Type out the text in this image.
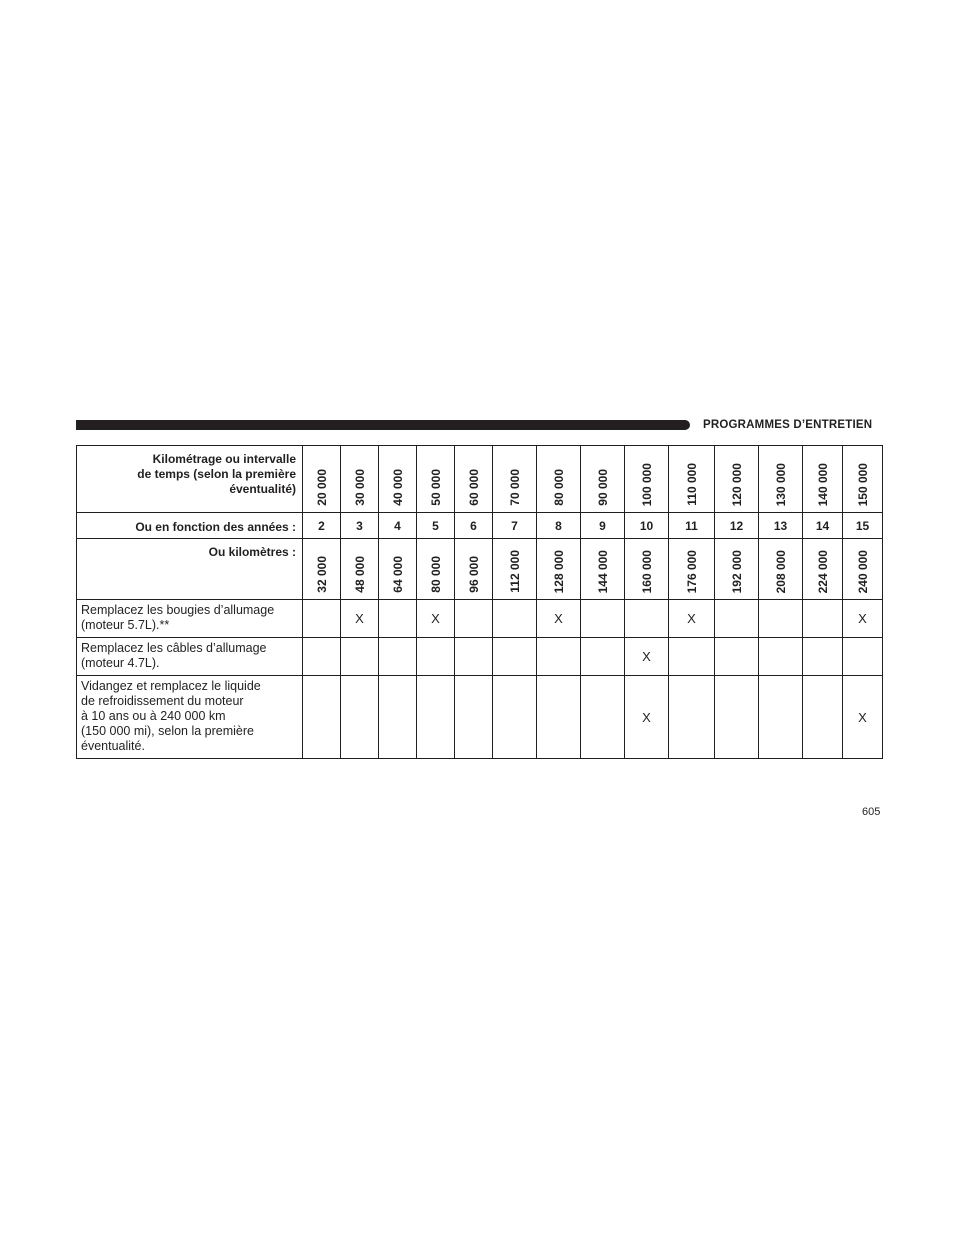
PROGRAMMES D’ENTRETIEN
Kilométrage ou intervalle
de temps (selon la première
éventualité)	20 000	30 000	40 000	50 000	60 000	70 000	80 000	90 000	100 000	110 000	120 000	130 000	140 000	150 000

Ou en fonction des années :	2	3	4	5	6	7	8	9	10	11	12	13	14	15
Ou kilomètres :	32 000	48 000	64 000	80 000	96 000	112 000	128 000	144 000	160 000	176 000	192 000	208 000	224 000	240 000

Remplacez les bougies d’allumage
(moteur 5.7L).**		X		X			X			X				X

Remplacez les câbles d’allumage
(moteur 4.7L).									X					

Vidangez et remplacez le liquide
de refroidissement du moteur
à 10 ans ou à 240 000 km
(150 000 mi), selon la première
éventualité.									X					X
605
